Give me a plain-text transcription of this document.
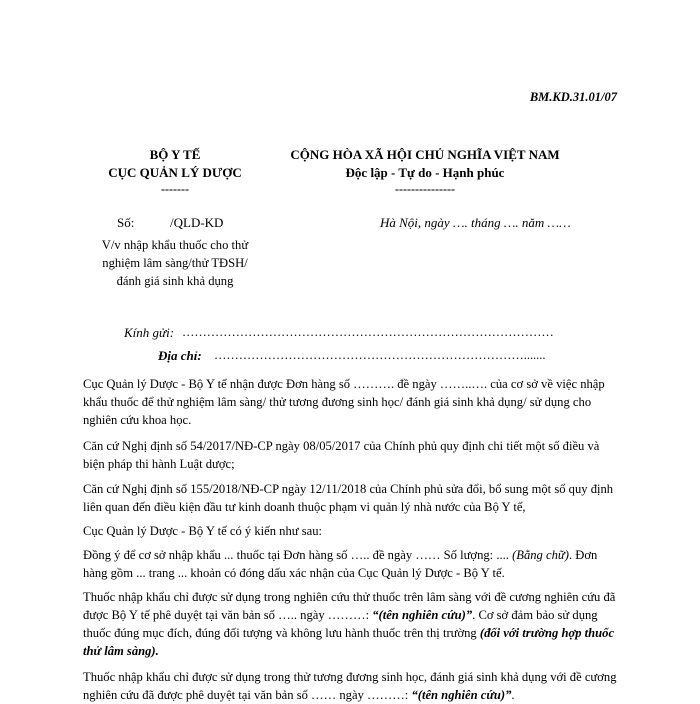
BM.KD.31.01/07
BỘ Y TẾ
CỤC QUẢN LÝ DƯỢC
-------
CỘNG HÒA XÃ HỘI CHỦ NGHĨA VIỆT NAM
Độc lập - Tự do - Hạnh phúc
---------------
Số:	/QLD-KD	Hà Nội, ngày …. tháng …. năm ……
V/v nhập khẩu thuốc cho thử
nghiệm lâm sàng/thử TĐSH/
đánh giá sinh khả dụng
Kính gửi: ………………………………………………………………………………
Địa chỉ: ………………………………………………………………….......

Cục Quản lý Dược - Bộ Y tế nhận được Đơn hàng số ………. đề ngày ……..…. của cơ sở về việc nhập khẩu thuốc để thử nghiệm lâm sàng/ thử tương đương sinh học/ đánh giá sinh khả dụng/ sử dụng cho nghiên cứu khoa học.

Căn cứ Nghị định số 54/2017/NĐ-CP ngày 08/05/2017 của Chính phủ quy định chi tiết một số điều và biện pháp thi hành Luật dược;

Căn cứ Nghị định số 155/2018/NĐ-CP ngày 12/11/2018 của Chính phủ sửa đổi, bổ sung một số quy định liên quan đến điều kiện đầu tư kinh doanh thuộc phạm vi quản lý nhà nước của Bộ Y tế,

Cục Quản lý Dược - Bộ Y tế có ý kiến như sau:

Đồng ý để cơ sở nhập khẩu ... thuốc tại Đơn hàng số ….. đề ngày …… Số lượng: .... (Bằng chữ). Đơn hàng gồm ... trang ... khoản có đóng dấu xác nhận của Cục Quản lý Dược - Bộ Y tế.

Thuốc nhập khẩu chỉ được sử dụng trong nghiên cứu thử thuốc trên lâm sàng với đề cương nghiên cứu đã được Bộ Y tế phê duyệt tại văn bản số ….. ngày ………: “(tên nghiên cứu)”. Cơ sở đảm bảo sử dụng thuốc đúng mục đích, đúng đối tượng và không lưu hành thuốc trên thị trường (đối với trường hợp thuốc thử lâm sàng).

Thuốc nhập khẩu chỉ được sử dụng trong thử tương đương sinh học, đánh giá sinh khả dụng với đề cương nghiên cứu đã được phê duyệt tại văn bản số …… ngày ………: “(tên nghiên cứu)”.
